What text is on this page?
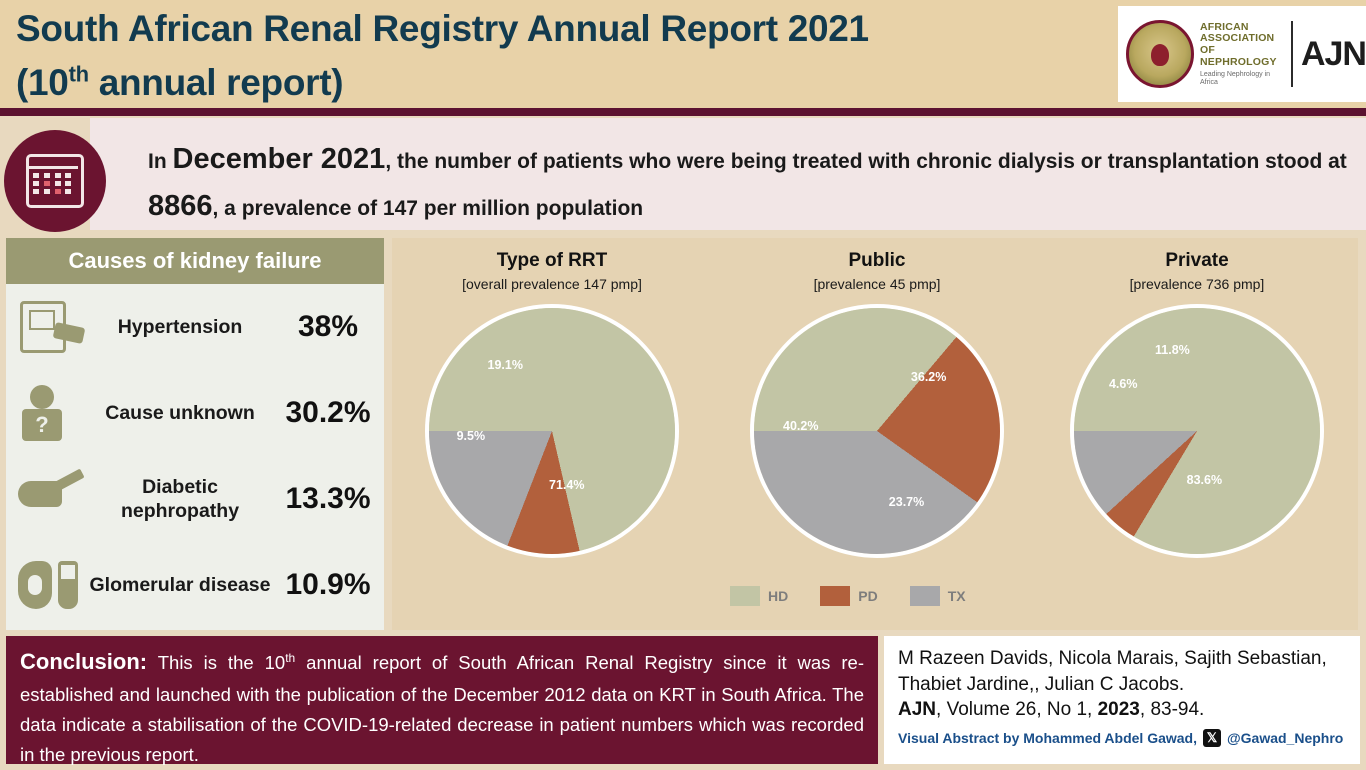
South African Renal Registry Annual Report 2021
(10th annual report)
AFRICAN
ASSOCIATION
OF NEPHROLOGY
Leading Nephrology in Africa
AJN
In December 2021, the number of patients who were being treated with chronic dialysis or transplantation stood at 8866, a prevalence of 147 per million population
Causes of kidney failure
Hypertension	38%
?	Cause unknown	30.2%
Diabetic nephropathy	13.3%
Glomerular disease 10.9%
Type of RRT
[overall prevalence 147 pmp]
71.4%
9.5%
19.1%
Public
[prevalence 45 pmp]
36.2%
23.7%
40.2%
Private
[prevalence 736 pmp]
83.6%
4.6%
11.8%
HD	PD	TX
Conclusion: This is the 10th annual report of South African Renal Registry since it was re-established and launched with the publication of the December 2012 data on KRT in South Africa. The data indicate a stabilisation of the COVID-19-related decrease in patient numbers which was recorded in the previous report.
M Razeen Davids, Nicola Marais, Sajith Sebastian, Thabiet Jardine,, Julian C Jacobs.
AJN, Volume 26, No 1, 2023, 83-94.
Visual Abstract by Mohammed Abdel Gawad, 𝕏 @Gawad_Nephro
